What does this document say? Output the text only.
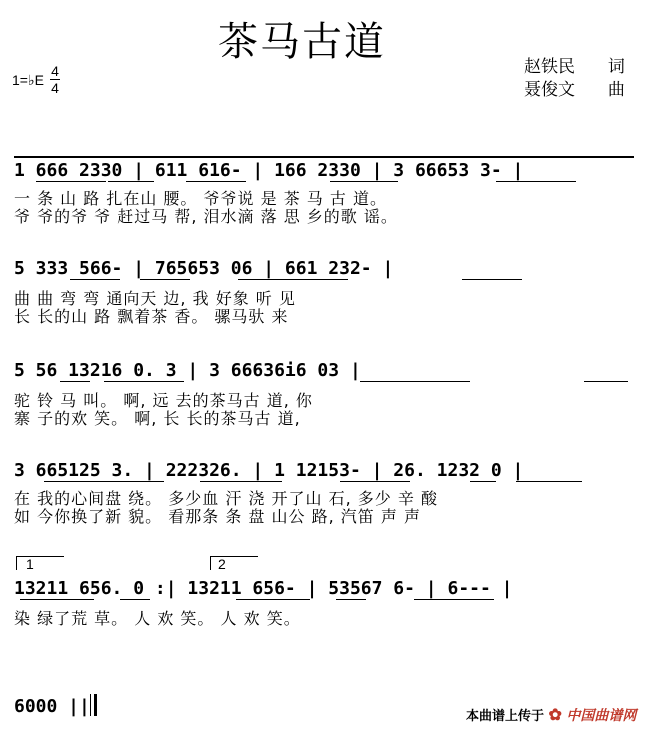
茶马古道
1=♭E
4
4
赵铁民 词
聂俊文 曲
1 666 2330 | 611 616- | 166 2330 | 3 66653 3- |
一 条 山 路 扎在山 腰。 爷爷说 是 茶 马 古 道。
爷 爷的爷 爷 赶过马 帮, 泪水滴 落 思 乡的歌 谣。
5 333 566- | 765653 06 | 661 232- |
曲 曲 弯 弯 通向天 边, 我 好象 听 见
长 长的山 路 飘着茶 香。 骡马驮 来
5 56 13216 0. 3 | 3 66636i6 03 |
驼 铃 马 叫。 啊, 远 去的茶马古 道, 你
寨 子的欢 笑。 啊, 长 长的茶马古 道,
3 665125 3. | 222326. | 1 12153- | 26. 1232 0 |
在 我的心间盘 绕。 多少血 汗 浇 开了山 石, 多少 辛 酸
如 今你换了新 貌。 看那条 条 盘 山公 路, 汽笛 声 声
1	2
13211 656. 0 :| 13211 656- | 53567 6- | 6--- |
染 绿了荒 草。 人 欢 笑。 人 欢 笑。
6000 ||	本曲谱上传于 ✿ 中国曲谱网
